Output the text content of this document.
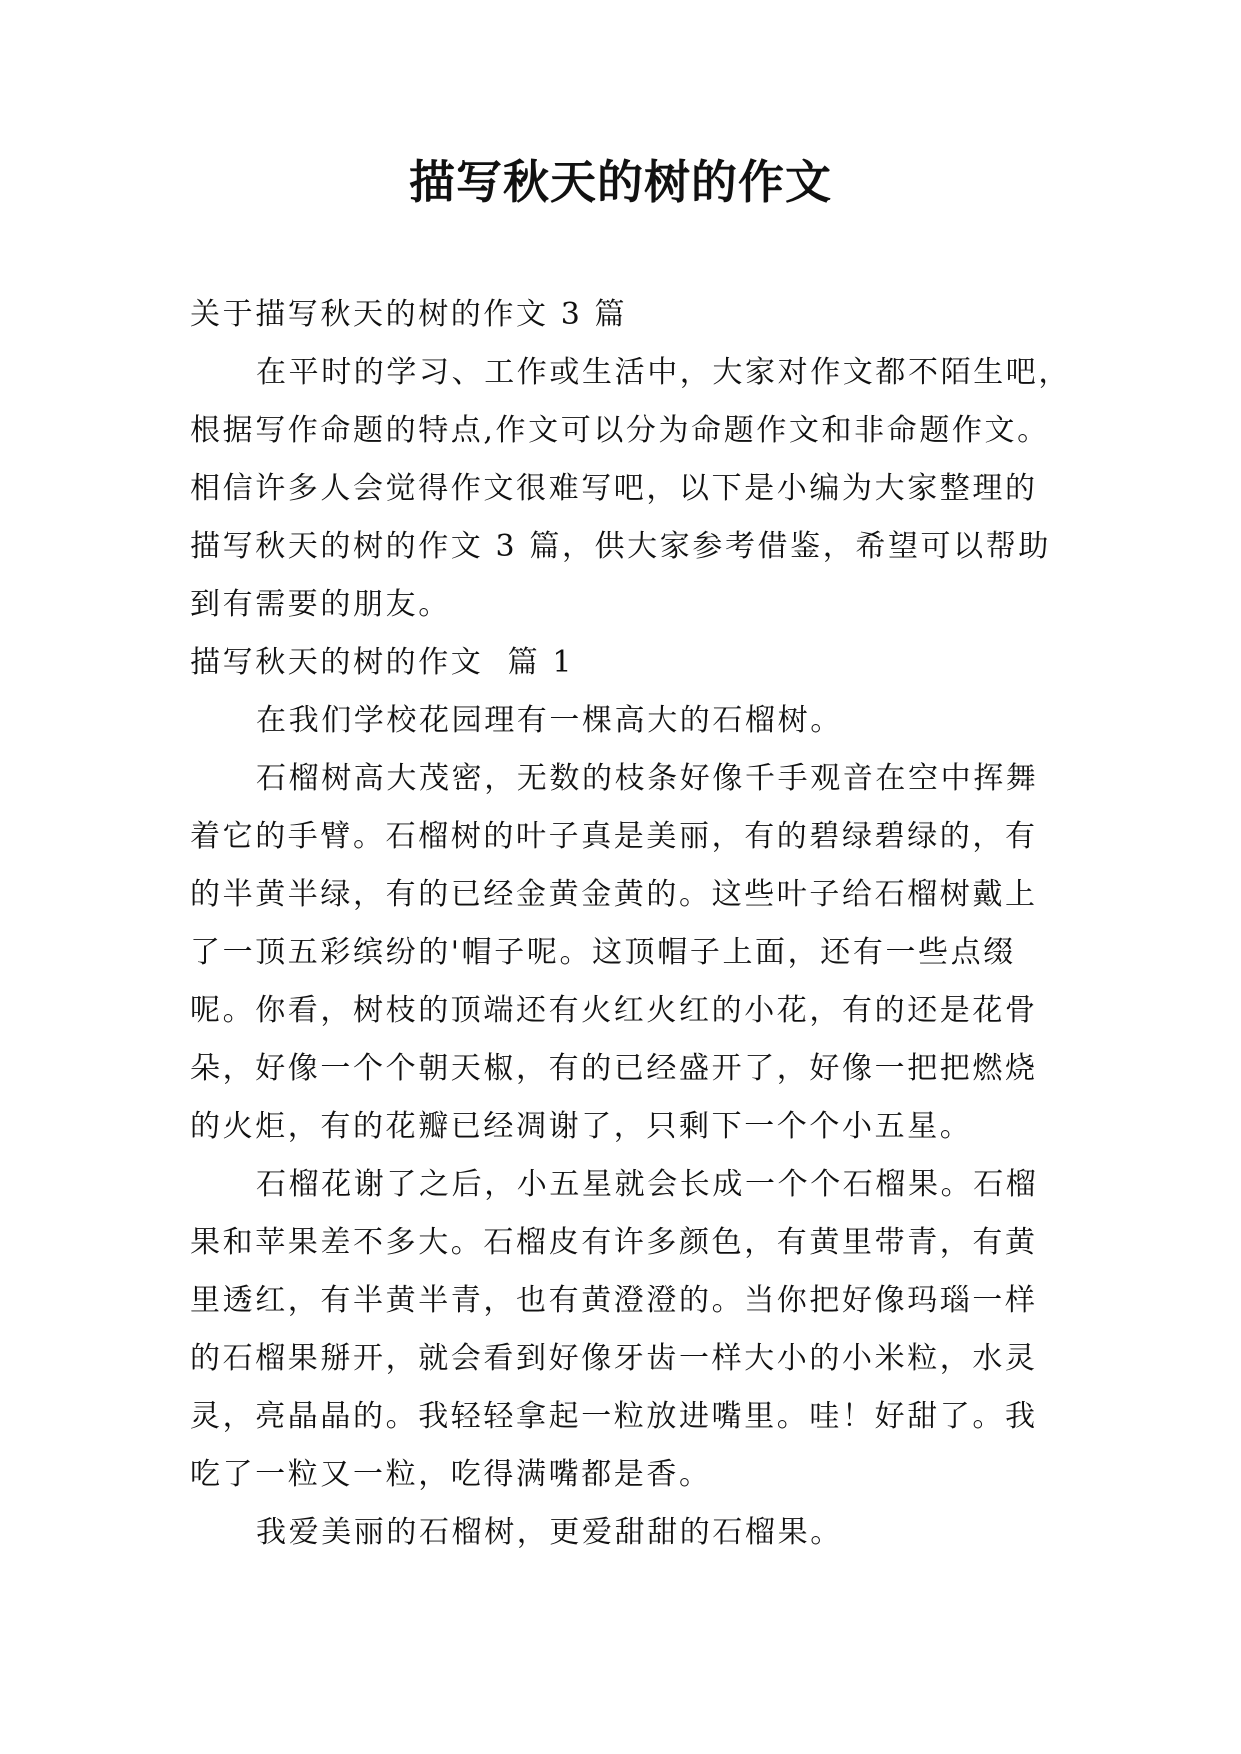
描写秋天的树的作文

关于描写秋天的树的作文 3 篇

在平时的学习、工作或生活中，大家对作文都不陌生吧，

根据写作命题的特点,作文可以分为命题作文和非命题作文。

相信许多人会觉得作文很难写吧，以下是小编为大家整理的

描写秋天的树的作文 3 篇，供大家参考借鉴，希望可以帮助

到有需要的朋友。

描写秋天的树的作文  篇 1

在我们学校花园理有一棵高大的石榴树。

石榴树高大茂密，无数的枝条好像千手观音在空中挥舞

着它的手臂。石榴树的叶子真是美丽，有的碧绿碧绿的，有

的半黄半绿，有的已经金黄金黄的。这些叶子给石榴树戴上

了一顶五彩缤纷的'帽子呢。这顶帽子上面，还有一些点缀

呢。你看，树枝的顶端还有火红火红的小花，有的还是花骨

朵，好像一个个朝天椒，有的已经盛开了，好像一把把燃烧

的火炬，有的花瓣已经凋谢了，只剩下一个个小五星。

石榴花谢了之后，小五星就会长成一个个石榴果。石榴

果和苹果差不多大。石榴皮有许多颜色，有黄里带青，有黄

里透红，有半黄半青，也有黄澄澄的。当你把好像玛瑙一样

的石榴果掰开，就会看到好像牙齿一样大小的小米粒，水灵

灵，亮晶晶的。我轻轻拿起一粒放进嘴里。哇！好甜了。我

吃了一粒又一粒，吃得满嘴都是香。

我爱美丽的石榴树，更爱甜甜的石榴果。
